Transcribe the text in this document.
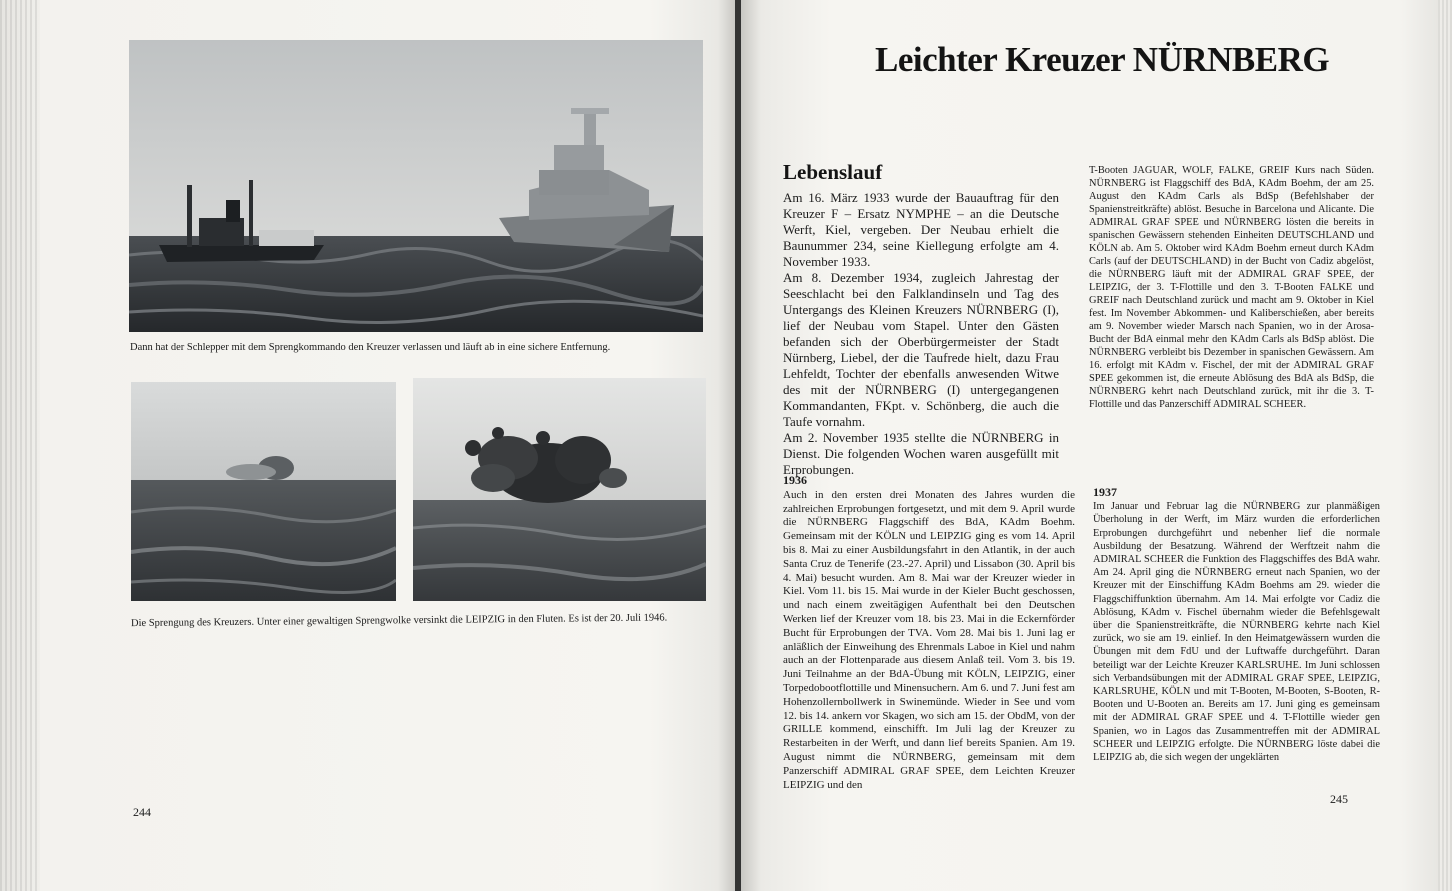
Dann hat der Schlepper mit dem Sprengkommando den Kreuzer verlassen und läuft ab in eine sichere Entfernung.
Die Sprengung des Kreuzers. Unter einer gewaltigen Sprengwolke versinkt die LEIPZIG in den Fluten. Es ist der 20. Juli 1946.
244
Leichter Kreuzer NÜRNBERG
Lebenslauf

Am 16. März 1933 wurde der Bauauftrag für den Kreuzer F – Ersatz NYMPHE – an die Deutsche Werft, Kiel, vergeben. Der Neubau erhielt die Baunummer 234, seine Kiellegung erfolgte am 4. November 1933.

Am 8. Dezember 1934, zugleich Jahrestag der Seeschlacht bei den Falklandinseln und Tag des Untergangs des Kleinen Kreuzers NÜRNBERG (I), lief der Neubau vom Stapel. Unter den Gästen befanden sich der Oberbürgermeister der Stadt Nürnberg, Liebel, der die Taufrede hielt, dazu Frau Lehfeldt, Tochter der ebenfalls anwesenden Witwe des mit der NÜRNBERG (I) untergegangenen Kommandanten, FKpt. v. Schönberg, die auch die Taufe vornahm.

Am 2. November 1935 stellte die NÜRNBERG in Dienst. Die folgenden Wochen waren ausgefüllt mit Erprobungen.

1936

Auch in den ersten drei Monaten des Jahres wurden die zahlreichen Erprobungen fortgesetzt, und mit dem 9. April wurde die NÜRNBERG Flaggschiff des BdA, KAdm Boehm. Gemeinsam mit der KÖLN und LEIPZIG ging es vom 14. April bis 8. Mai zu einer Ausbildungsfahrt in den Atlantik, in der auch Santa Cruz de Tenerife (23.-27. April) und Lissabon (30. April bis 4. Mai) besucht wurden. Am 8. Mai war der Kreuzer wieder in Kiel. Vom 11. bis 15. Mai wurde in der Kieler Bucht geschossen, und nach einem zweitägigen Aufenthalt bei den Deutschen Werken lief der Kreuzer vom 18. bis 23. Mai in die Eckernförder Bucht für Erprobungen der TVA. Vom 28. Mai bis 1. Juni lag er anläßlich der Einweihung des Ehrenmals Laboe in Kiel und nahm auch an der Flottenparade aus diesem Anlaß teil. Vom 3. bis 19. Juni Teilnahme an der BdA-Übung mit KÖLN, LEIPZIG, einer Torpedobootflottille und Minensuchern. Am 6. und 7. Juni fest am Hohenzollernbollwerk in Swinemünde. Wieder in See und vom 12. bis 14. ankern vor Skagen, wo sich am 15. der ObdM, von der GRILLE kommend, einschifft. Im Juli lag der Kreuzer zu Restarbeiten in der Werft, und dann lief bereits Spanien. Am 19. August nimmt die NÜRNBERG, gemeinsam mit dem Panzerschiff ADMIRAL GRAF SPEE, dem Leichten Kreuzer LEIPZIG und den

T-Booten JAGUAR, WOLF, FALKE, GREIF Kurs nach Süden. NÜRNBERG ist Flaggschiff des BdA, KAdm Boehm, der am 25. August den KAdm Carls als BdSp (Befehlshaber der Spanienstreitkräfte) ablöst. Besuche in Barcelona und Alicante. Die ADMIRAL GRAF SPEE und NÜRNBERG lösten die bereits in spanischen Gewässern stehenden Einheiten DEUTSCHLAND und KÖLN ab. Am 5. Oktober wird KAdm Boehm erneut durch KAdm Carls (auf der DEUTSCHLAND) in der Bucht von Cadiz abgelöst, die NÜRNBERG läuft mit der ADMIRAL GRAF SPEE, der LEIPZIG, der 3. T-Flottille und den 3. T-Booten FALKE und GREIF nach Deutschland zurück und macht am 9. Oktober in Kiel fest. Im November Abkommen- und Kaliberschießen, aber bereits am 9. November wieder Marsch nach Spanien, wo in der Arosa-Bucht der BdA einmal mehr den KAdm Carls als BdSp ablöst. Die NÜRNBERG verbleibt bis Dezember in spanischen Gewässern. Am 16. erfolgt mit KAdm v. Fischel, der mit der ADMIRAL GRAF SPEE gekommen ist, die erneute Ablösung des BdA als BdSp, die NÜRNBERG kehrt nach Deutschland zurück, mit ihr die 3. T-Flottille und das Panzerschiff ADMIRAL SCHEER.

1937

Im Januar und Februar lag die NÜRNBERG zur planmäßigen Überholung in der Werft, im März wurden die erforderlichen Erprobungen durchgeführt und nebenher lief die normale Ausbildung der Besatzung. Während der Werftzeit nahm die ADMIRAL SCHEER die Funktion des Flaggschiffes des BdA wahr. Am 24. April ging die NÜRNBERG erneut nach Spanien, wo der Kreuzer mit der Einschiffung KAdm Boehms am 29. wieder die Flaggschiffunktion übernahm. Am 14. Mai erfolgte vor Cadiz die Ablösung, KAdm v. Fischel übernahm wieder die Befehlsgewalt über die Spanienstreitkräfte, die NÜRNBERG kehrte nach Kiel zurück, wo sie am 19. einlief. In den Heimatgewässern wurden die Übungen mit dem FdU und der Luftwaffe durchgeführt. Daran beteiligt war der Leichte Kreuzer KARLSRUHE. Im Juni schlossen sich Verbandsübungen mit der ADMIRAL GRAF SPEE, LEIPZIG, KARLSRUHE, KÖLN und mit T-Booten, M-Booten, S-Booten, R-Booten und U-Booten an. Bereits am 17. Juni ging es gemeinsam mit der ADMIRAL GRAF SPEE und 4. T-Flottille wieder gen Spanien, wo in Lagos das Zusammentreffen mit der ADMIRAL SCHEER und LEIPZIG erfolgte. Die NÜRNBERG löste dabei die LEIPZIG ab, die sich wegen der ungeklärten

245
